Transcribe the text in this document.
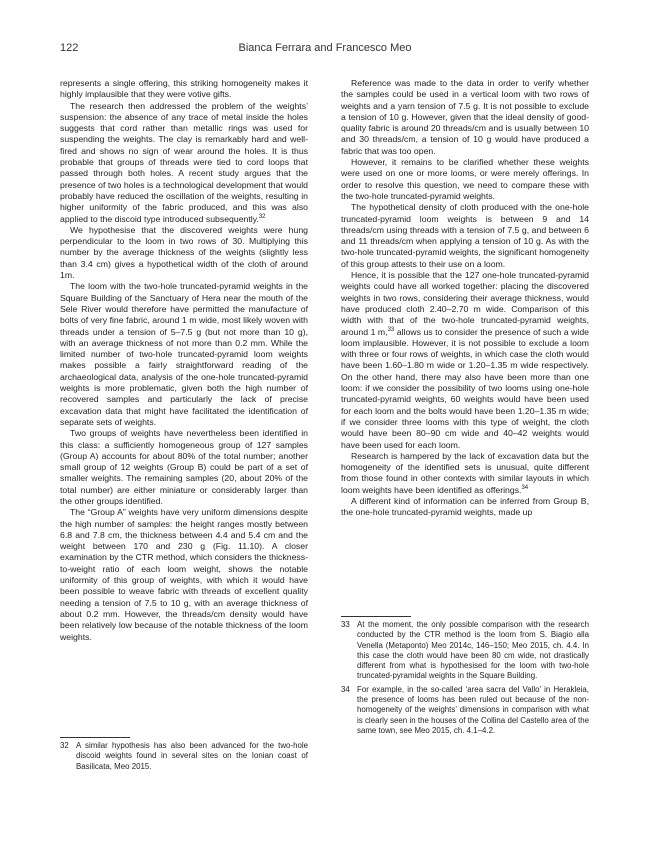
122	Bianca Ferrara and Francesco Meo

represents a single offering, this striking homogeneity makes it highly implausible that they were votive gifts.

The research then addressed the problem of the weights’ suspension: the absence of any trace of metal inside the holes suggests that cord rather than metallic rings was used for suspending the weights. The clay is remarkably hard and well-fired and shows no sign of wear around the holes. It is thus probable that groups of threads were tied to cord loops that passed through both holes. A recent study argues that the presence of two holes is a technological development that would probably have reduced the oscillation of the weights, resulting in higher uniformity of the fabric produced, and this was also applied to the discoid type introduced subsequently.$^{32}$

We hypothesise that the discovered weights were hung perpendicular to the loom in two rows of 30. Multiplying this number by the average thickness of the weights (slightly less than 3.4 cm) gives a hypothetical width of the cloth of around 1m.

The loom with the two-hole truncated-pyramid weights in the Square Building of the Sanctuary of Hera near the mouth of the Sele River would therefore have permitted the manufacture of bolts of very fine fabric, around 1 m wide, most likely woven with threads under a tension of 5–7.5 g (but not more than 10 g), with an average thickness of not more than 0.2 mm. While the limited number of two-hole truncated-pyramid loom weights makes possible a fairly straightforward reading of the archaeological data, analysis of the one-hole truncated-pyramid weights is more problematic, given both the high number of recovered samples and particularly the lack of precise excavation data that might have facilitated the identification of separate sets of weights.

Two groups of weights have nevertheless been identified in this class: a sufficiently homogeneous group of 127 samples (Group A) accounts for about 80% of the total number; another small group of 12 weights (Group B) could be part of a set of smaller weights. The remaining samples (20, about 20% of the total number) are either miniature or considerably larger than the other groups identified.

The “Group A” weights have very uniform dimensions despite the high number of samples: the height ranges mostly between 6.8 and 7.8 cm, the thickness between 4.4 and 5.4 cm and the weight between 170 and 230 g (Fig. 11.10). A closer examination by the CTR method, which considers the thickness-to-weight ratio of each loom weight, shows the notable uniformity of this group of weights, with which it would have been possible to weave fabric with threads of excellent quality needing a tension of 7.5 to 10 g, with an average thickness of about 0.2 mm. However, the threads/cm density would have been relatively low because of the notable thickness of the loom weights.

Reference was made to the data in order to verify whether the samples could be used in a vertical loom with two rows of weights and a yarn tension of 7.5 g. It is not possible to exclude a tension of 10 g. However, given that the ideal density of good-quality fabric is around 20 threads/cm and is usually between 10 and 30 threads/cm, a tension of 10 g would have produced a fabric that was too open.

However, it remains to be clarified whether these weights were used on one or more looms, or were merely offerings. In order to resolve this question, we need to compare these with the two-hole truncated-pyramid weights.

The hypothetical density of cloth produced with the one-hole truncated-pyramid loom weights is between 9 and 14 threads/cm using threads with a tension of 7.5 g, and between 6 and 11 threads/cm when applying a tension of 10 g. As with the two-hole truncated-pyramid weights, the significant homogeneity of this group attests to their use on a loom.

Hence, it is possible that the 127 one-hole truncated-pyramid weights could have all worked together: placing the discovered weights in two rows, considering their average thickness, would have produced cloth 2.40–2.70 m wide. Comparison of this width with that of the two-hole truncated-pyramid weights, around 1 m,$^{33}$ allows us to consider the presence of such a wide loom implausible. However, it is not possible to exclude a loom with three or four rows of weights, in which case the cloth would have been 1.60–1.80 m wide or 1.20–1.35 m wide respectively. On the other hand, there may also have been more than one loom: if we consider the possibility of two looms using one-hole truncated-pyramid weights, 60 weights would have been used for each loom and the bolts would have been 1.20–1.35 m wide; if we consider three looms with this type of weight, the cloth would have been 80–90 cm wide and 40–42 weights would have been used for each loom.

Research is hampered by the lack of excavation data but the homogeneity of the identified sets is unusual, quite different from those found in other contexts with similar layouts in which loom weights have been identified as offerings.$^{34}$

A different kind of information can be inferred from Group B, the one-hole truncated-pyramid weights, made up

32 A similar hypothesis has also been advanced for the two-hole discoid weights found in several sites on the Ionian coast of Basilicata, Meo 2015.
33 At the moment, the only possible comparison with the research conducted by the CTR method is the loom from S. Biagio alla Venella (Metaponto) Meo 2014c, 146–150; Meo 2015, ch. 4.4. In this case the cloth would have been 80 cm wide, not drastically different from what is hypothesised for the loom with two-hole truncated-pyramidal weights in the Square Building.
34 For example, in the so-called ‘area sacra del Vallo’ in Herakleia, the presence of looms has been ruled out because of the non-homogeneity of the weights’ dimensions in comparison with what is clearly seen in the houses of the Collina del Castello area of the same town, see Meo 2015, ch. 4.1–4.2.
